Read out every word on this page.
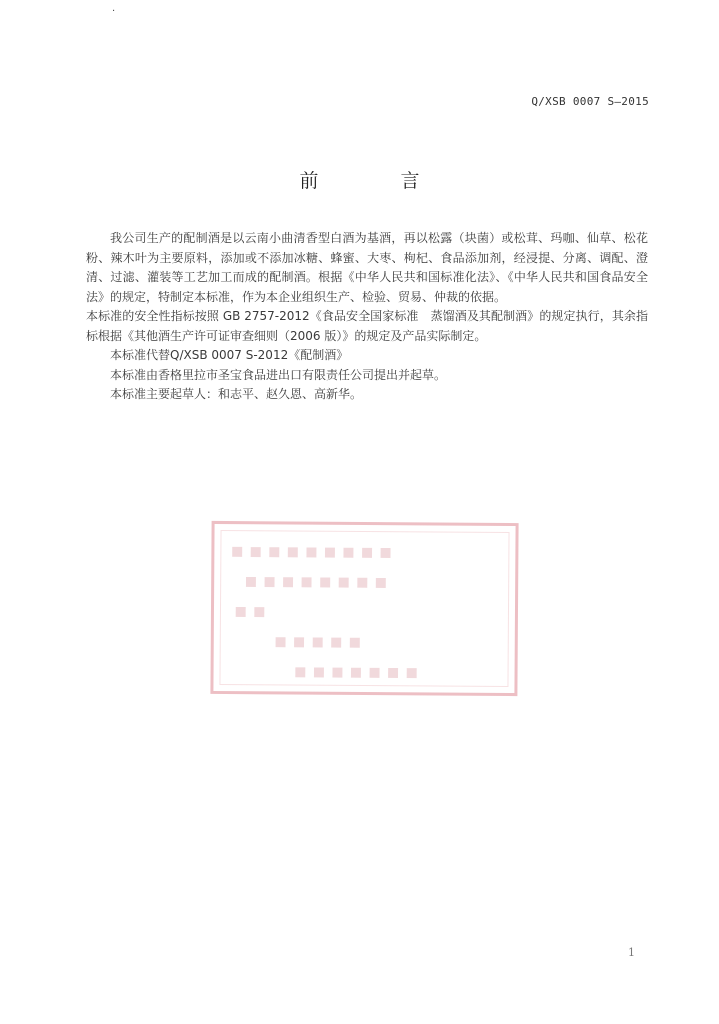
·
Q/XSB 0007 S—2015
前 言

我公司生产的配制酒是以云南小曲清香型白酒为基酒，再以松露（块菌）或松茸、玛咖、仙草、松花粉、辣木叶为主要原料，添加或不添加冰糖、蜂蜜、大枣、枸杞、食品添加剂，经浸提、分离、调配、澄清、过滤、灌装等工艺加工而成的配制酒。根据《中华人民共和国标准化法》、《中华人民共和国食品安全法》的规定，特制定本标准，作为本企业组织生产、检验、贸易、仲裁的依据。

本标准的安全性指标按照 GB 2757-2012《食品安全国家标准　蒸馏酒及其配制酒》的规定执行，其余指标根据《其他酒生产许可证审查细则（2006 版）》的规定及产品实际制定。

本标准代替Q/XSB 0007 S-2012《配制酒》

本标准由香格里拉市圣宝食品进出口有限责任公司提出并起草。

本标准主要起草人：和志平、赵久恩、高新华。

▪▪▪▪▪▪▪▪▪
▪▪▪▪▪▪▪▪
▪▪
▪▪▪▪▪
▪▪▪▪▪▪▪
1
